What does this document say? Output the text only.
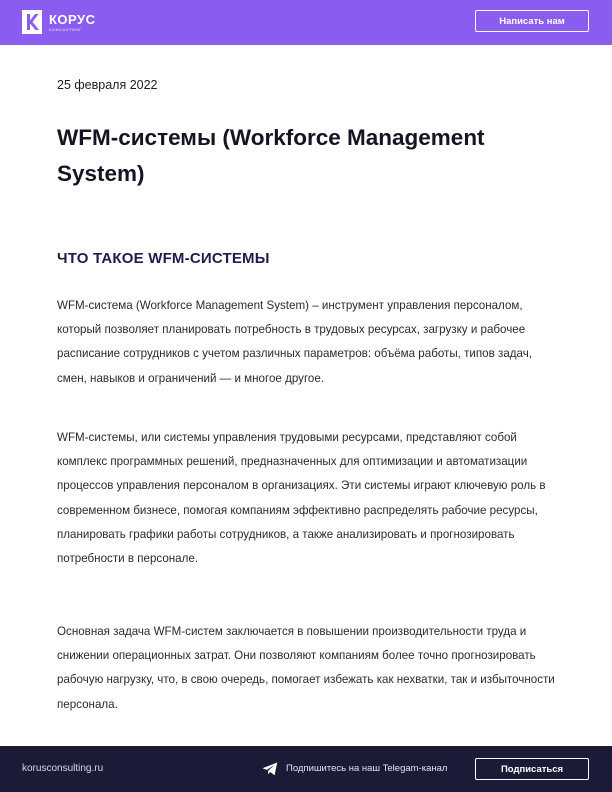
КОРУС
КОНСАЛТИНГ
Написать нам
25 февраля 2022
WFM-системы (Workforce Management System)
ЧТО ТАКОЕ WFM-СИСТЕМЫ

WFM-система (Workforce Management System) – инструмент управления персоналом, который позволяет планировать потребность в трудовых ресурсах, загрузку и рабочее расписание сотрудников с учетом различных параметров: объёма работы, типов задач, смен, навыков и ограничений — и многое другое.

WFM-системы, или системы управления трудовыми ресурсами, представляют собой комплекс программных решений, предназначенных для оптимизации и автоматизации процессов управления персоналом в организациях. Эти системы играют ключевую роль в современном бизнесе, помогая компаниям эффективно распределять рабочие ресурсы, планировать графики работы сотрудников, а также анализировать и прогнозировать потребности в персонале.

Основная задача WFM-систем заключается в повышении производительности труда и снижении операционных затрат. Они позволяют компаниям более точно прогнозировать рабочую нагрузку, что, в свою очередь, помогает избежать как нехватки, так и избыточности персонала.

korusconsulting.ru	Подпишитесь на наш Telegam-канал	Подписаться
